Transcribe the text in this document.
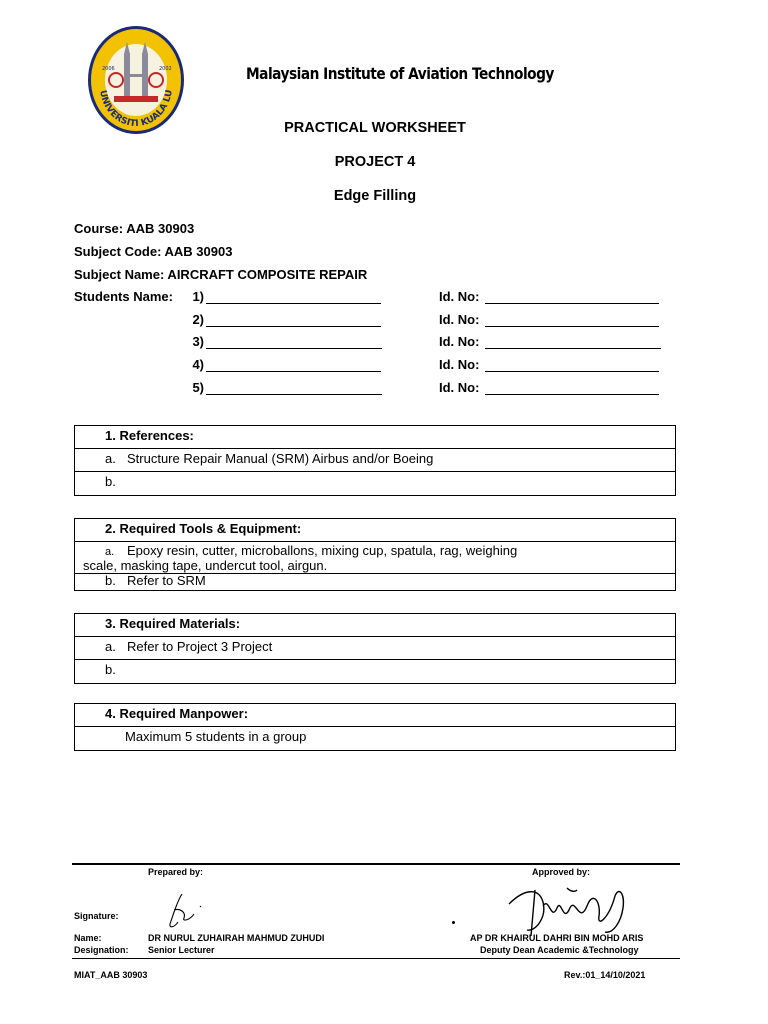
UNIVERSITI KUALA LU
2006	2002	Malaysian Institute of Aviation Technology
PRACTICAL WORKSHEET
PROJECT 4
Edge Filling
Course: AAB 30903
Subject Code: AAB 30903
Subject Name: AIRCRAFT COMPOSITE REPAIR
Students Name:	1)	Id. No:
2)	Id. No:
3)	Id. No:
4)	Id. No:
5)	Id. No:
1. References:
a. Structure Repair Manual (SRM) Airbus and/or Boeing
b.
2. Required Tools & Equipment:
a. Epoxy resin, cutter, microballons, mixing cup, spatula, rag, weighing
scale, masking tape, undercut tool, airgun.
b. Refer to SRM
3. Required Materials:
a. Refer to Project 3 Project
b.
4. Required Manpower:
Maximum 5 students in a group
Prepared by:	Approved by:
Signature:
Name:	DR NURUL ZUHAIRAH MAHMUD ZUHUDI	AP DR KHAIRUL DAHRI BIN MOHD ARIS
Designation: Senior Lecturer	Deputy Dean Academic &Technology
MIAT_AAB 30903	Rev.:01_14/10/2021
